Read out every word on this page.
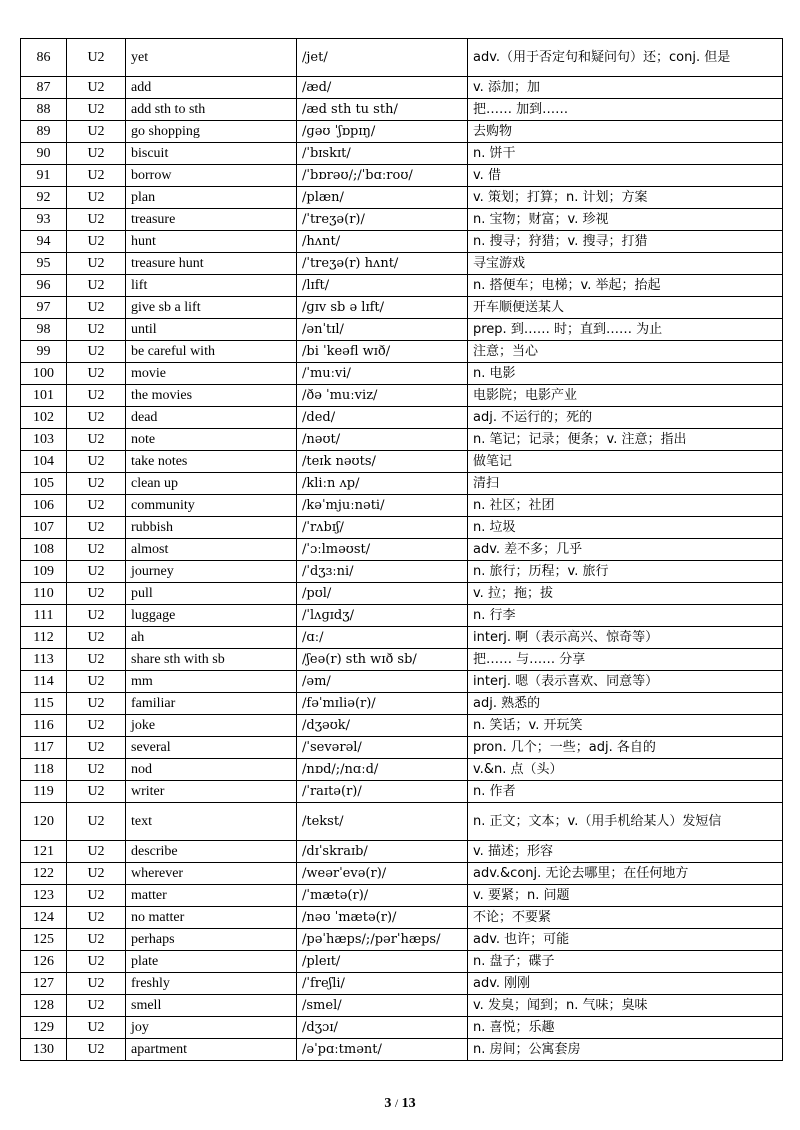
86	U2	yet	/jet/	adv.（用于否定句和疑问句）还；conj. 但是
87	U2	add	/æd/	v. 添加；加
88	U2	add sth to sth	/æd sth tu sth/	把…… 加到……
89	U2	go shopping	/ɡəʊ ˈʃɒpɪŋ/	去购物
90	U2	biscuit	/ˈbɪskɪt/	n. 饼干
91	U2	borrow	/ˈbɒrəʊ/;/ˈbɑːroʊ/	v. 借
92	U2	plan	/plæn/	v. 策划；打算；n. 计划；方案
93	U2	treasure	/ˈtreʒə(r)/	n. 宝物；财富；v. 珍视
94	U2	hunt	/hʌnt/	n. 搜寻；狩猎；v. 搜寻；打猎
95	U2	treasure hunt	/ˈtreʒə(r) hʌnt/	寻宝游戏
96	U2	lift	/lɪft/	n. 搭便车；电梯；v. 举起；抬起
97	U2	give sb a lift	/ɡɪv sb ə lɪft/	开车顺便送某人
98	U2	until	/ənˈtɪl/	prep. 到…… 时；直到…… 为止
99	U2	be careful with	/bi ˈkeəfl wɪð/	注意；当心
100	U2	movie	/ˈmuːvi/	n. 电影
101	U2	the movies	/ðə ˈmuːviz/	电影院；电影产业
102	U2	dead	/ded/	adj. 不运行的；死的
103	U2	note	/nəʊt/	n. 笔记；记录；便条；v. 注意；指出
104	U2	take notes	/teɪk nəʊts/	做笔记
105	U2	clean up	/kliːn ʌp/	清扫
106	U2	community	/kəˈmjuːnəti/	n. 社区；社团
107	U2	rubbish	/ˈrʌbɪʃ/	n. 垃圾
108	U2	almost	/ˈɔːlməʊst/	adv. 差不多；几乎
109	U2	journey	/ˈdʒɜːni/	n. 旅行；历程；v. 旅行
110	U2	pull	/pʊl/	v. 拉；拖；拔
111	U2	luggage	/ˈlʌɡɪdʒ/	n. 行李
112	U2	ah	/ɑː/	interj. 啊（表示高兴、惊奇等）
113	U2	share sth with sb	/ʃeə(r) sth wɪð sb/	把…… 与…… 分享
114	U2	mm	/əm/	interj. 嗯（表示喜欢、同意等）
115	U2	familiar	/fəˈmɪliə(r)/	adj. 熟悉的
116	U2	joke	/dʒəʊk/	n. 笑话；v. 开玩笑
117	U2	several	/ˈsevərəl/	pron. 几个；一些；adj. 各自的
118	U2	nod	/nɒd/;/nɑːd/	v.&n. 点（头）
119	U2	writer	/ˈraɪtə(r)/	n. 作者
120	U2	text	/tekst/	n. 正文；文本；v.（用手机给某人）发短信
121	U2	describe	/dɪˈskraɪb/	v. 描述；形容
122	U2	wherever	/weərˈevə(r)/	adv.&conj. 无论去哪里；在任何地方
123	U2	matter	/ˈmætə(r)/	v. 要紧；n. 问题
124	U2	no matter	/nəʊ ˈmætə(r)/	不论；不要紧
125	U2	perhaps	/pəˈhæps/;/pərˈhæps/	adv. 也许；可能
126	U2	plate	/pleɪt/	n. 盘子；碟子
127	U2	freshly	/ˈfreʃli/	adv. 刚刚
128	U2	smell	/smel/	v. 发臭；闻到；n. 气味；臭味
129	U2	joy	/dʒɔɪ/	n. 喜悦；乐趣
130	U2	apartment	/əˈpɑːtmənt/	n. 房间；公寓套房
3 / 13
